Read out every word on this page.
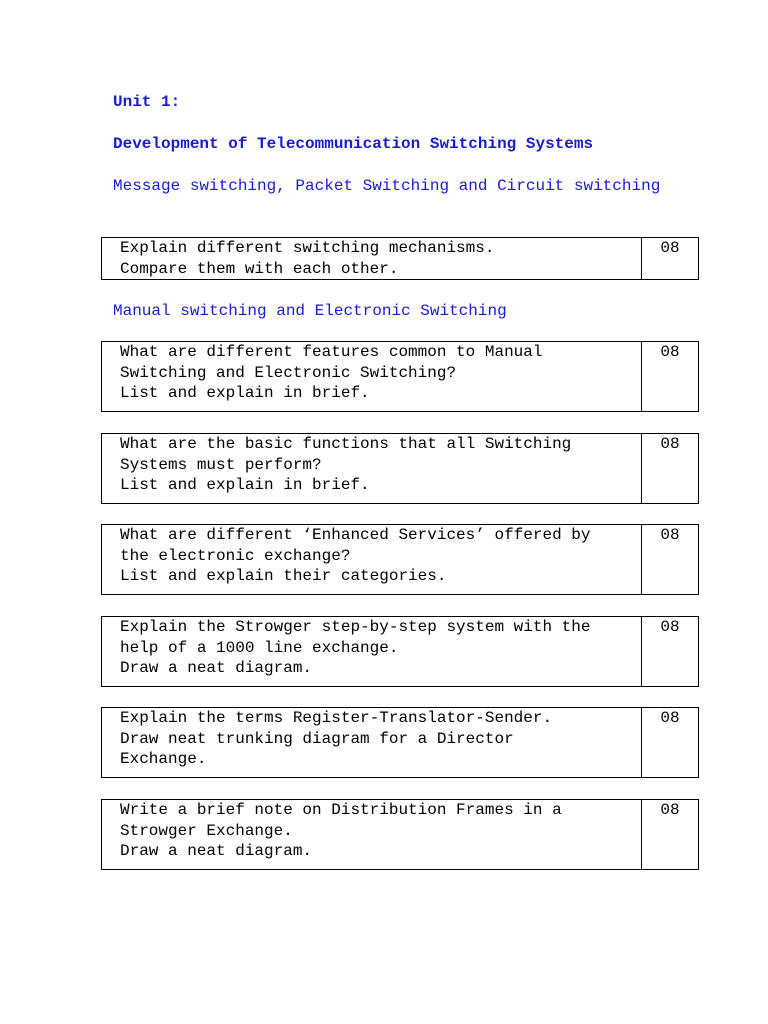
Unit 1:

Development of Telecommunication Switching Systems

Message switching, Packet Switching and Circuit switching

Explain different switching mechanisms.
Compare them with each other.
08

Manual switching and Electronic Switching

What are different features common to Manual
Switching and Electronic Switching?
List and explain in brief.
08
What are the basic functions that all Switching
Systems must perform?
List and explain in brief.
08
What are different ‘Enhanced Services’ offered by
the electronic exchange?
List and explain their categories.
08
Explain the Strowger step-by-step system with the
help of a 1000 line exchange.
Draw a neat diagram.
08
Explain the terms Register-Translator-Sender.
Draw neat trunking diagram for a Director
Exchange.
08
Write a brief note on Distribution Frames in a
Strowger Exchange.
Draw a neat diagram.
08
